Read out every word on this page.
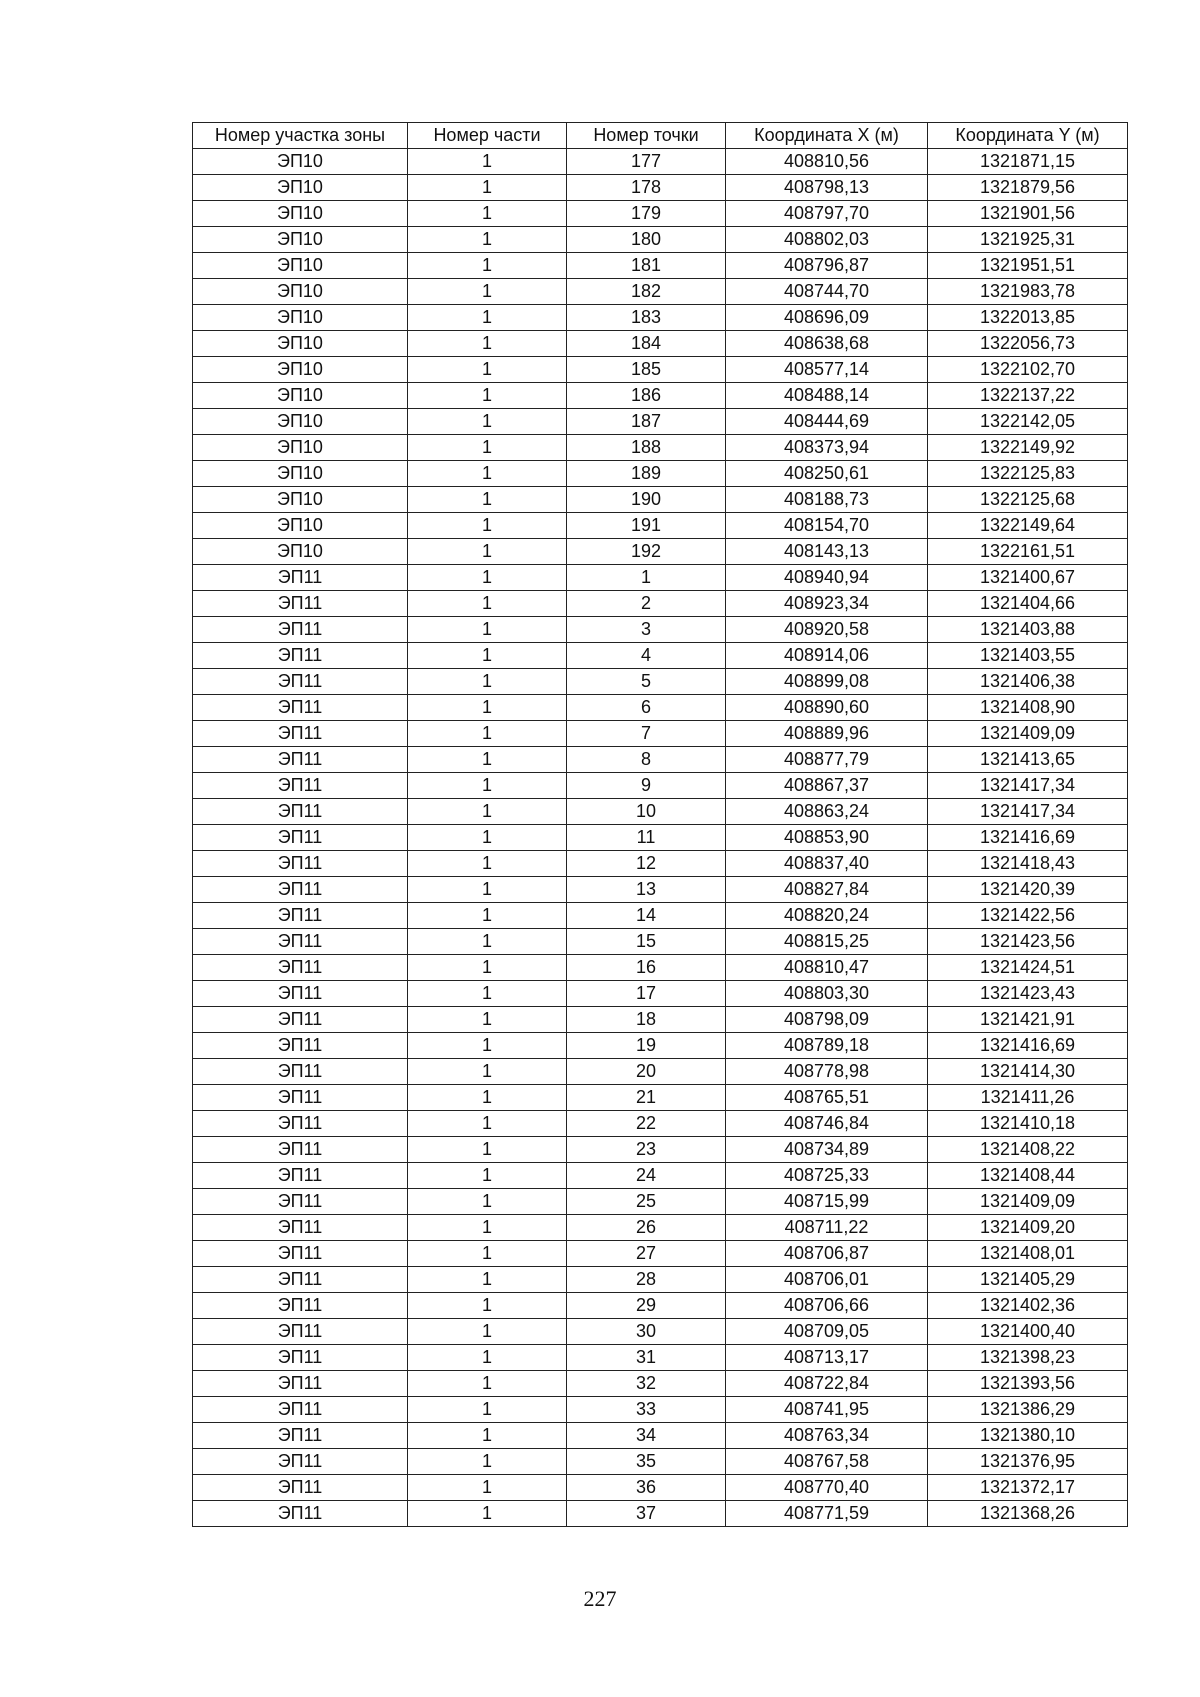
Номер участка зоны	Номер части	Номер точки	Координата X (м)	Координата Y (м)
ЭП10	1	177	408810,56	1321871,15
ЭП10	1	178	408798,13	1321879,56
ЭП10	1	179	408797,70	1321901,56
ЭП10	1	180	408802,03	1321925,31
ЭП10	1	181	408796,87	1321951,51
ЭП10	1	182	408744,70	1321983,78
ЭП10	1	183	408696,09	1322013,85
ЭП10	1	184	408638,68	1322056,73
ЭП10	1	185	408577,14	1322102,70
ЭП10	1	186	408488,14	1322137,22
ЭП10	1	187	408444,69	1322142,05
ЭП10	1	188	408373,94	1322149,92
ЭП10	1	189	408250,61	1322125,83
ЭП10	1	190	408188,73	1322125,68
ЭП10	1	191	408154,70	1322149,64
ЭП10	1	192	408143,13	1322161,51
ЭП11	1	1	408940,94	1321400,67
ЭП11	1	2	408923,34	1321404,66
ЭП11	1	3	408920,58	1321403,88
ЭП11	1	4	408914,06	1321403,55
ЭП11	1	5	408899,08	1321406,38
ЭП11	1	6	408890,60	1321408,90
ЭП11	1	7	408889,96	1321409,09
ЭП11	1	8	408877,79	1321413,65
ЭП11	1	9	408867,37	1321417,34
ЭП11	1	10	408863,24	1321417,34
ЭП11	1	11	408853,90	1321416,69
ЭП11	1	12	408837,40	1321418,43
ЭП11	1	13	408827,84	1321420,39
ЭП11	1	14	408820,24	1321422,56
ЭП11	1	15	408815,25	1321423,56
ЭП11	1	16	408810,47	1321424,51
ЭП11	1	17	408803,30	1321423,43
ЭП11	1	18	408798,09	1321421,91
ЭП11	1	19	408789,18	1321416,69
ЭП11	1	20	408778,98	1321414,30
ЭП11	1	21	408765,51	1321411,26
ЭП11	1	22	408746,84	1321410,18
ЭП11	1	23	408734,89	1321408,22
ЭП11	1	24	408725,33	1321408,44
ЭП11	1	25	408715,99	1321409,09
ЭП11	1	26	408711,22	1321409,20
ЭП11	1	27	408706,87	1321408,01
ЭП11	1	28	408706,01	1321405,29
ЭП11	1	29	408706,66	1321402,36
ЭП11	1	30	408709,05	1321400,40
ЭП11	1	31	408713,17	1321398,23
ЭП11	1	32	408722,84	1321393,56
ЭП11	1	33	408741,95	1321386,29
ЭП11	1	34	408763,34	1321380,10
ЭП11	1	35	408767,58	1321376,95
ЭП11	1	36	408770,40	1321372,17
ЭП11	1	37	408771,59	1321368,26
227
